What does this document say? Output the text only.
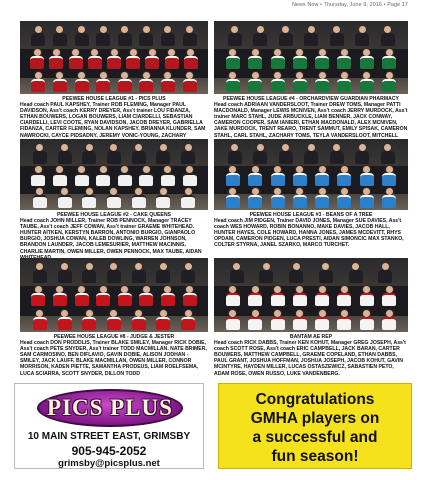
News Now • Thursday, June 9, 2016 • Page 17
PEEWEE HOUSE LEAGUE #1 - PICS PLUS
Head coach PAUL KAPSHEY, Trainer ROB FLEMING, Manager PAUL DAVIDSON, Ass't coach KERRY DREYER, Ass't trainer LOU FIDANZA, ETHAN BOUWERS, LOGAN BOUWERS, LIAM CIARDELLI, SEBASTIAN CIARDELLI, LEVI COOTE, RYAN DAVIDSON, JACOB DREYER, GABRIELLA FIDANZA, CARTER FLEMING, NOLAN KAPSHEY, BRIANNA KLUNDER, SAM NAWROCKI, CAYCE PIDSADNY, JEREMY VONIC-YOUNG, ZACHARY
PEEWEE HOUSE LEAGUE #4 - ORCHARDVIEW GUARDIAN PHARMACY
Head coach ADRIAAN VANDERSLOOT, Trainer DREW TOMS, Manager PATTI MACDONALD, Manager LEWIS MCNIVEN, Ass't coach JERRY MURDOCK, Ass't trainer MARC STAHL, JUDE ARBUCKLE, LIAM BENNER, JACK CONWAY, CAMERON COOPER, SAM IANIERI, ETHAN MACDONALD, ALEX MCNIVEN, JAKE MURDOCK, TRENT REARO, TRENT SAMMUT, EMILY SPISAK, CAMERON STAHL, CARL STAHL, ZACHARY TOMS, TEYLA VANDERSLOOT, MITCHELL
PEEWEE HOUSE LEAGUE #2 - CAKE QUEENS
Head coach JOHN MILLER, Trainer ROB PENNOCK, Manager TRACEY TAUBE, Ass't coach JEFF COWAN, Ass't trainer GRAEME WHITEHEAD. HUNTER AITKEN, KERSTYN BARRON, ANTONIO BURGIO, GIANPAOLO BURGIO, JOSHUA COWAN, KALEB DOWLING, WARREN JOHNSON, BRANDON LAUNDER, JACOB LEMESURIER, MATTHEW MACINNIS, CHARLIE MARTIN, OWEN MILLER, OWEN PENNOCK, MAX TAUBE, AIDAN
PEEWEE HOUSE LEAGUE #3 - BEANS OF A TREE
Head coach JIM PIDGEN, Trainer DAVID JONES, Manager SUE DAVIES, Ass't coach WES HOWARD, ROBIN BONANNO, MAKE DAVIES, JACOB HALL, HUNTER HAYES, COLE HOWARD, HANNA JONES, JAMES MCDEVITT, RHYS OPDAM, CAMERON PIDGEN, LUCA PRESTI, AIDAN SIMONCIC MAX STANKO, COLTER STYRNA, JANEL SZARKO, MARCO TURCHET.
PEEWEE HOUSE LEAGUE #8 - JUDGE & JESTER
Head coach DON PRODDLIS, Trainer BLAKE SMILEY, Manager RICK DOBIE, Ass't coach PETE SNYDER, Ass't trainer TODD MACMILLAN. NATE BRIMER, SAM CARMOSINO, BEN DIFLAVIO, GAVIN DOBIE, ALISON JODHAN - SMILEY, JACK LAUFF, BLAKE MACMILLAN, OWEN MILLER, CONNOR MORRISON, KADEN PIETTE, SAMANTHA PRODEUS, LIAM ROELFSEMA, LUCA SCIARRA, SCOTT SNYDER, DILLON TODD
BANTAM AE REP
Head coach RICK DABBS, Trainer KEN KOHUT, Manager GREG JOSEPH, Ass't coach SCOTT ROSE, Ass't coach ERIC CAMPBELL, JACK BARAN, CARTER BOUWERS, MATTHEW CAMPBELL, GRAEME COPELAND, ETHAN DABBS, PAUL GRANT, JOSHUA HOFFMAN, JOSHUA JOSEPH, JACOB KOHUT, GAVIN MCINTYRE, HAYDEN MILLER, LUCAS OSTASZEWICZ, SABASTIEN PETO, ADAM ROSE, OWEN RUSSO, LUKE VANDENBERG.
PICS PLUS
10 MAIN STREET EAST, GRIMSBY
905-945-2052
grimsby@picsplus.net
Congratulations
GMHA players on
a successful and
fun season!
